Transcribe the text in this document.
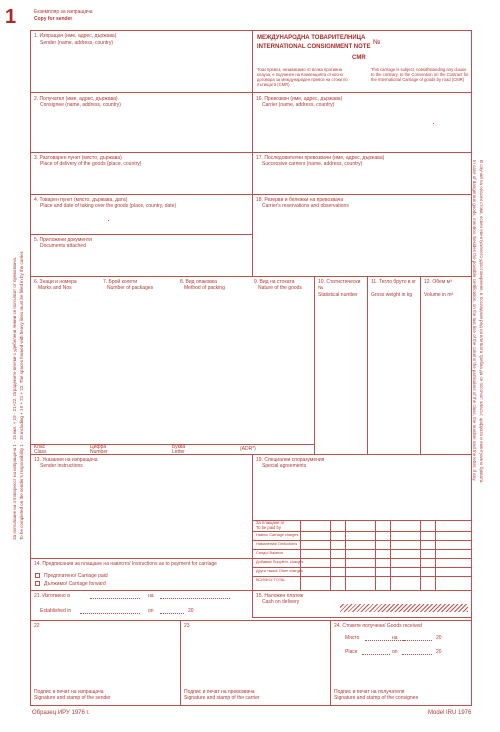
1	Екземпляр за изпращача
Copy for sender
За попълване на отговорност на изпращача 1 - 15 вкл. + 19 - 21+22. Оградените клетки с удебелени линии се попълват от превозвача. To be completed on the sender's responsibility 1 - 15 including + 19 + 21 + 22. The spaces framed with heavy lines must be filled in by the carrier.	В случай на опасни стоки, освен евентуалното удостоверение, в последния ред на клетката трябва да се посочат: класът, цифрата и евентуално буквата.
In case of dangerous goods, mention, besides the possible certification, on the last line of the column the particulars of the class, the number and the letter, if any.
1. Изпращач (име, адрес, държава)
Sender (name, address, country)
МЕЖДУНАРОДНА ТОВАРИТЕЛНИЦА
INTERNATIONAL CONSIGNMENT NOTE
№
CMR
Този превоз, независимо от всяка противна клауза, е подчинен на Конвенцията относно договора за международен превоз на стоки по пътищата (CMR)
This carriage is subject, notwithstanding any clause to the contrary, to the Convention on the Contract for the International Carriage of goods by road (CMR)
2. Получател (име, адрес, държава)
Consignee (name, address, country)
16. Превозвач (име, адрес, държава)
Carrier (name, address, country)
3. Разтоварен пункт (място, държава)
Place of delivery of the goods (place, country)
17. Последователни превозвачи (име, адрес, държава)
Successive carriers (name, address, country)
4. Товарен пункт (място, държава, дата)
Place and date of taking over the goods (place, country, date)
18. Резерви и бележки на превозвача
Carrier's reservations and observations
5. Приложени документи
Documents attached
6. Знаци и номера
Marks and Nos
7. Брой колети
Number of packages
8. Вид опаковка
Method of packing
9. Вид на стоката
Nature of the goods
10. Статистически №
Statistical number
11. Тегло бруто в кг
Gross weight in kg
12. Обем м³
Volume in m³
Клас
Class
Цифра
Number
Буква
Letter	(ADR*)
13. Указания на изпращача
Sender instructions
19. Специални споразумения
Special agreements
За плащане от
To be paid by
Навло/ Carriage charges
Намаления/ Deductions
Салдо/ Balance
Добавки/ Supplem. charges
Други такси/ Other charges
ВСИЧКО/ TOTAL
14. Предписания за плащане на навлото/ Instructions as to payment for carriage
Предплатено/ Carriage paid
Дължимо/ Carriage forward
21. Изготвено в	на
Established in	on	20
15. Наложен платеж
Cash on delivery
22
Подпис и печат на изпращача
Signature and stamp of the sender
23
Подпис и печат на превозвача
Signature and stamp of the carrier
24. Стоките получени/ Goods received
Място	на	20
Place	on	20
Подпис и печат на получателя
Signature and stamp of the consignee
Образец ИРУ 1976 г.	Model IRU 1976
